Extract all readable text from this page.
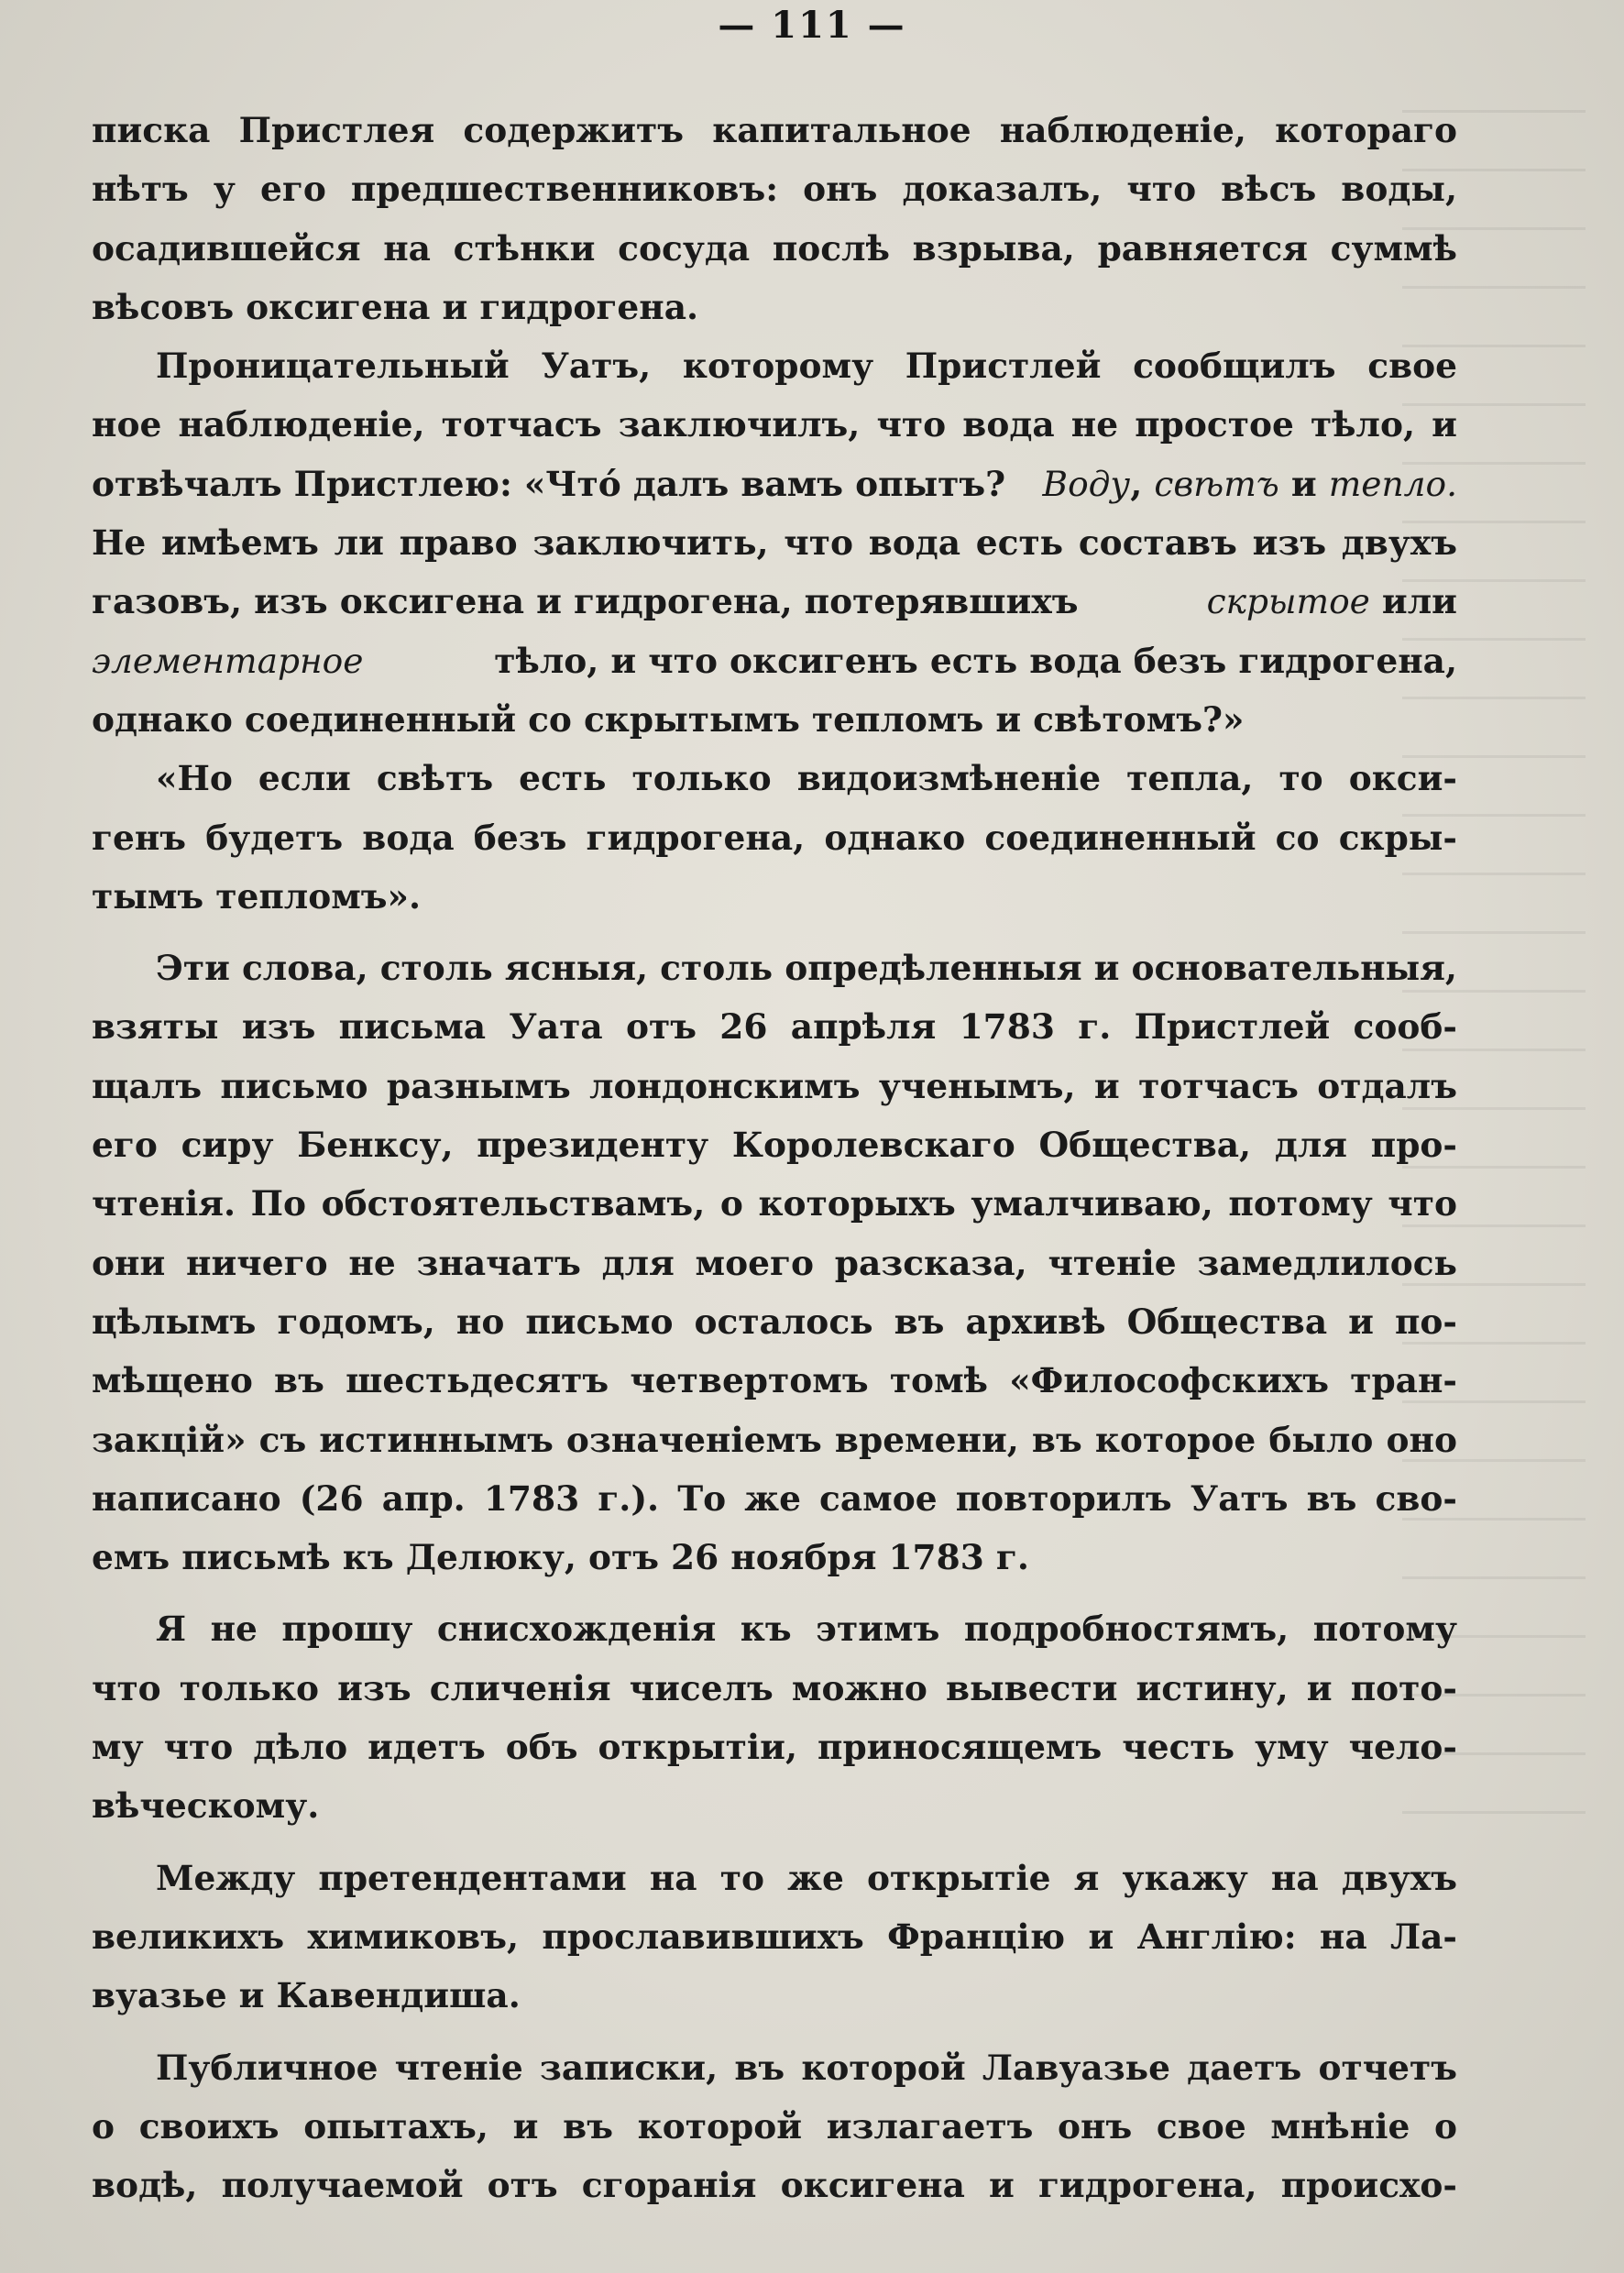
— 111 —

писка Пристлея содержитъ капитальное наблюденіе, котораго
нѣтъ у его предшественниковъ: онъ доказалъ, что вѣсъ воды,
осадившейся на стѣнки сосуда послѣ взрыва, равняется суммѣ
вѣсовъ оксигена и гидрогена.

Проницательный Уатъ, которому Пристлей сообщилъ свое
ное наблюденіе, тотчасъ заключилъ, что вода не простое тѣло, и
отвѣчалъ Пристлею: «Что́ далъ вамъ опытъ? Воду, свѣтъ и тепло.
Не имѣемъ ли право заключить, что вода есть составъ изъ двухъ
газовъ, изъ оксигена и гидрогена, потерявшихъ	скрытое или
элементарное	тѣло, и что оксигенъ есть вода безъ гидрогена,
однако соединенный со скрытымъ тепломъ и свѣтомъ?»

«Но если свѣтъ есть только видоизмѣненіе тепла, то окси-
генъ будетъ вода безъ гидрогена, однако соединенный со скры-
тымъ тепломъ».

Эти слова, столь ясныя, столь опредѣленныя и основательныя,
взяты изъ письма Уата отъ 26 апрѣля 1783 г. Пристлей сооб-
щалъ письмо разнымъ лондонскимъ ученымъ, и тотчасъ отдалъ
его сиру Бенксу, президенту Королевскаго Общества, для про-
чтенія. По обстоятельствамъ, о которыхъ умалчиваю, потому что
они ничего не значатъ для моего разсказа, чтеніе замедлилось
цѣлымъ годомъ, но письмо осталось въ архивѣ Общества и по-
мѣщено въ шестьдесятъ четвертомъ томѣ «Философскихъ тран-
закцій» съ истиннымъ означеніемъ времени, въ которое было оно
написано (26 апр. 1783 г.). То же самое повторилъ Уатъ въ сво-
емъ письмѣ къ Делюку, отъ 26 ноября 1783 г.

Я не прошу снисхожденія къ этимъ подробностямъ, потому
что только изъ сличенія чиселъ можно вывести истину, и пото-
му что дѣло идетъ объ открытіи, приносящемъ честь уму чело-
вѣческому.

Между претендентами на то же открытіе я укажу на двухъ
великихъ химиковъ, прославившихъ Францію и Англію: на Ла-
вуазье и Кавендиша.

Публичное чтеніе записки, въ которой Лавуазье даетъ отчетъ
о своихъ опытахъ, и въ которой излагаетъ онъ свое мнѣніе о
водѣ, получаемой отъ сгоранія оксигена и гидрогена, происхо-
